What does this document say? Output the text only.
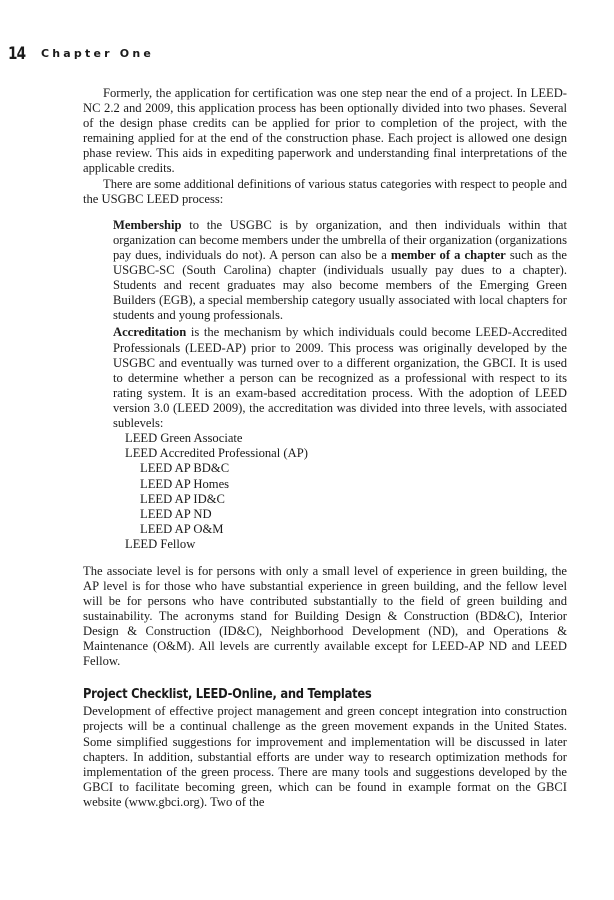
14 Chapter One

Formerly, the application for certification was one step near the end of a project. In LEED-NC 2.2 and 2009, this application process has been optionally divided into two phases. Several of the design phase credits can be applied for prior to completion of the project, with the remaining applied for at the end of the construction phase. Each project is allowed one design phase review. This aids in expediting paperwork and understanding final interpretations of the applicable credits.

There are some additional definitions of various status categories with respect to people and the USGBC LEED process:

Membership to the USGBC is by organization, and then individuals within that organization can become members under the umbrella of their organization (organizations pay dues, individuals do not). A person can also be a member of a chapter such as the USGBC-SC (South Carolina) chapter (individuals usually pay dues to a chapter). Students and recent graduates may also become members of the Emerging Green Builders (EGB), a special membership category usually associated with local chapters for students and young professionals.

Accreditation is the mechanism by which individuals could become LEED-Accredited Professionals (LEED-AP) prior to 2009. This process was originally developed by the USGBC and eventually was turned over to a different organization, the GBCI. It is used to determine whether a person can be recognized as a professional with respect to its rating system. It is an exam-based accreditation process. With the adoption of LEED version 3.0 (LEED 2009), the accreditation was divided into three levels, with associated sublevels:

LEED Green Associate
LEED Accredited Professional (AP)
LEED AP BD&C
LEED AP Homes
LEED AP ID&C
LEED AP ND
LEED AP O&M
LEED Fellow

The associate level is for persons with only a small level of experience in green building, the AP level is for those who have substantial experience in green building, and the fellow level will be for persons who have contributed substantially to the field of green building and sustainability. The acronyms stand for Building Design & Construction (BD&C), Interior Design & Construction (ID&C), Neighborhood Development (ND), and Operations & Maintenance (O&M). All levels are currently available except for LEED-AP ND and LEED Fellow.

Project Checklist, LEED-Online, and Templates

Development of effective project management and green concept integration into construction projects will be a continual challenge as the green movement expands in the United States. Some simplified suggestions for improvement and implementation will be discussed in later chapters. In addition, substantial efforts are under way to research optimization methods for implementation of the green process. There are many tools and suggestions developed by the GBCI to facilitate becoming green, which can be found in example format on the GBCI website (www.gbci.org). Two of the
